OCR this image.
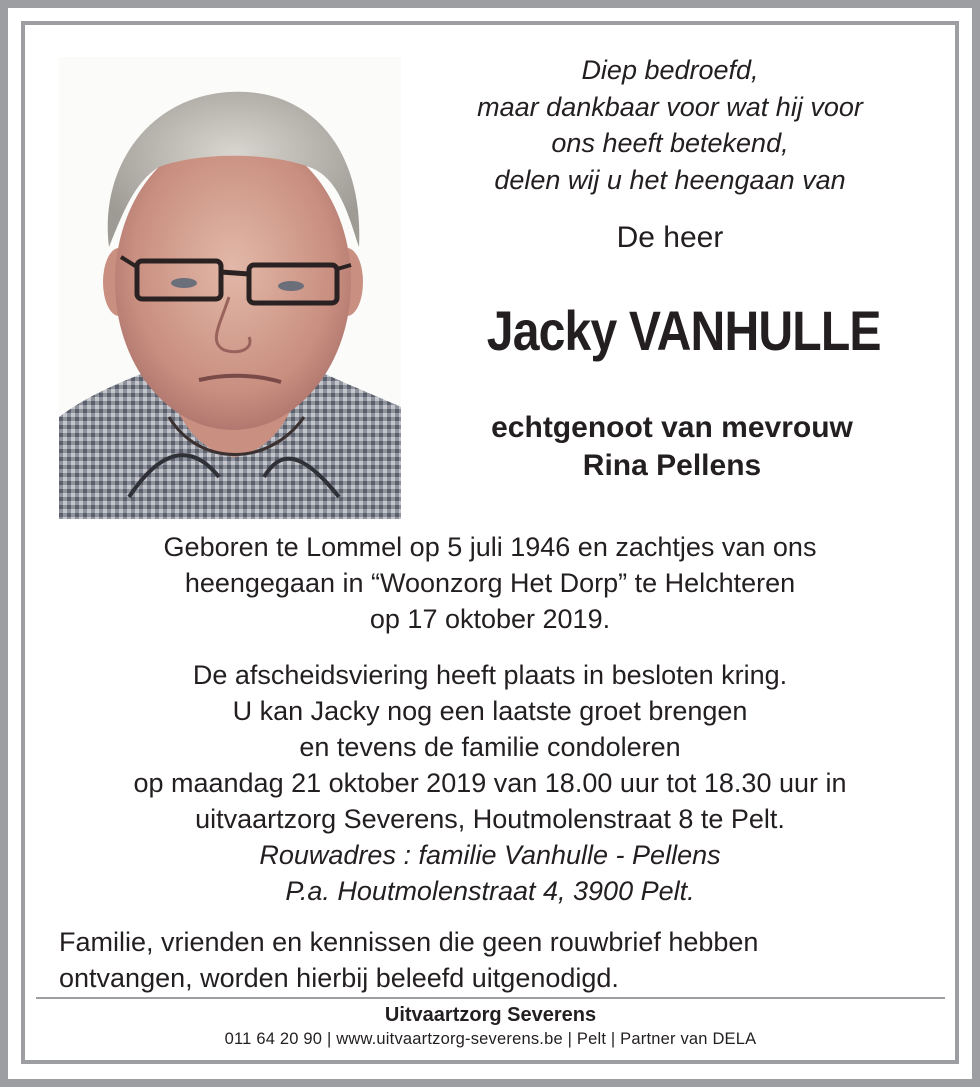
Diep bedroefd,
maar dankbaar voor wat hij voor
ons heeft betekend,
delen wij u het heengaan van
De heer
Jacky VANHULLE
echtgenoot van mevrouw
Rina Pellens
Geboren te Lommel op 5 juli 1946 en zachtjes van ons
heengegaan in “Woonzorg Het Dorp” te Helchteren
op 17 oktober 2019.
De afscheidsviering heeft plaats in besloten kring.
U kan Jacky nog een laatste groet brengen
en tevens de familie condoleren
op maandag 21 oktober 2019 van 18.00 uur tot 18.30 uur in
uitvaartzorg Severens, Houtmolenstraat 8 te Pelt.
Rouwadres : familie Vanhulle - Pellens
P.a. Houtmolenstraat 4, 3900 Pelt.
Familie, vrienden en kennissen die geen rouwbrief hebben
ontvangen, worden hierbij beleefd uitgenodigd.
Uitvaartzorg Severens
011 64 20 90 | www.uitvaartzorg-severens.be | Pelt | Partner van DELA
